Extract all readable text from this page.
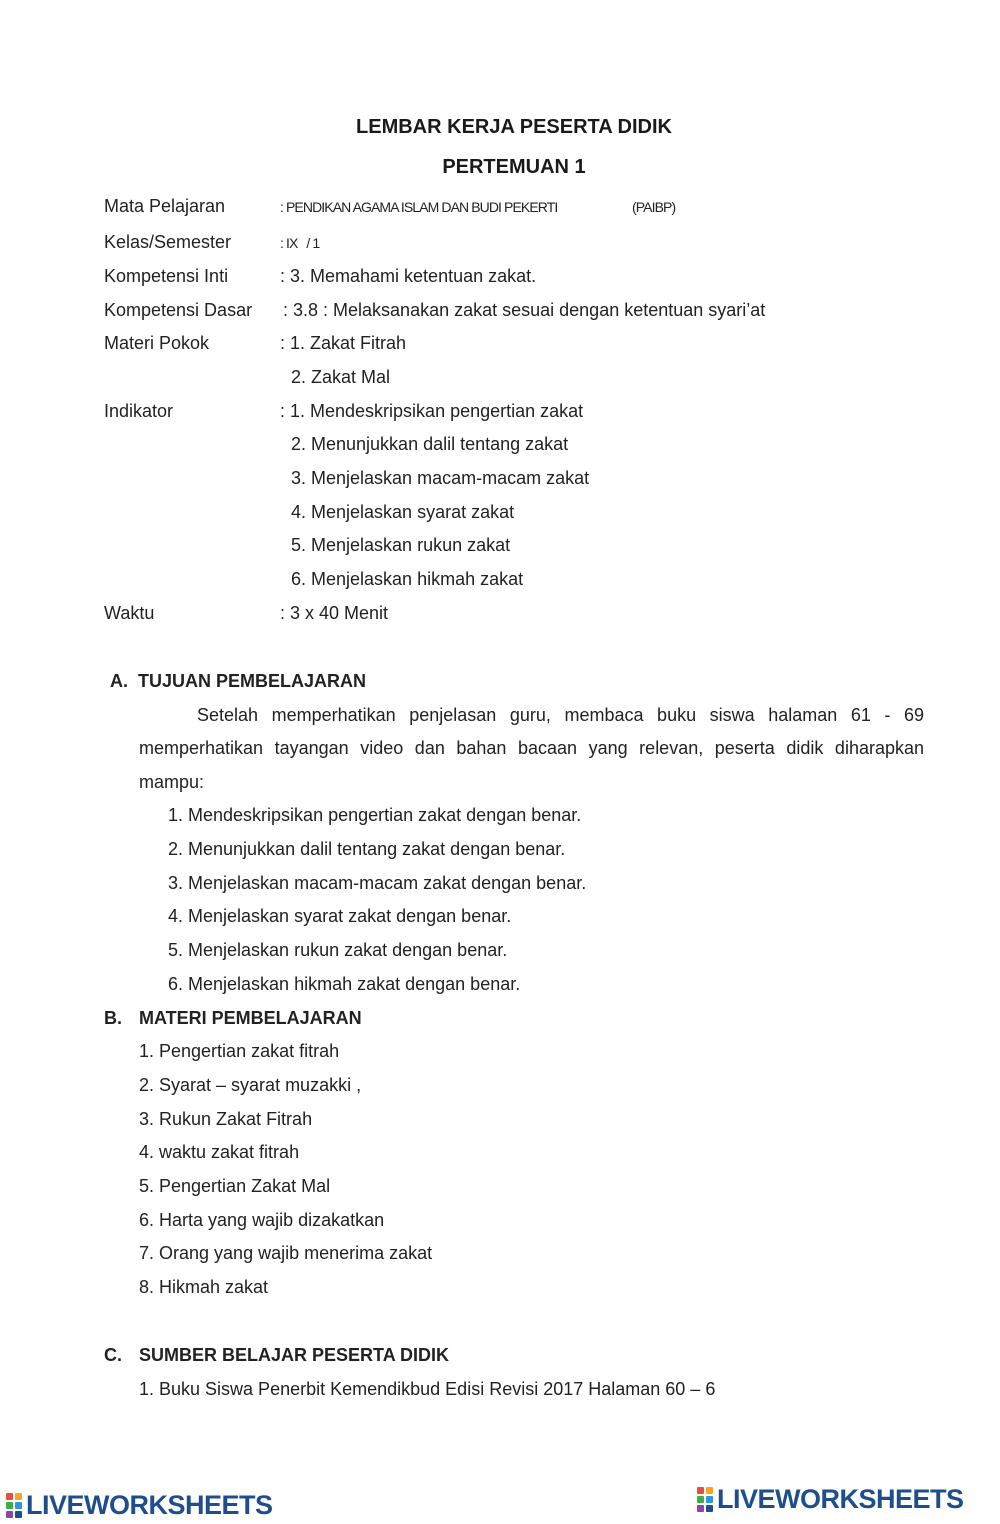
LEMBAR KERJA PESERTA DIDIK
PERTEMUAN 1
Mata Pelajaran	: PENDIKAN AGAMA ISLAM DAN BUDI PEKERTI	(PAIBP)
Kelas/Semester	: IX   / 1
Kompetensi Inti	: 3. Memahami ketentuan zakat.
Kompetensi Dasar : 3.8 : Melaksanakan zakat sesuai dengan ketentuan syari’at
Materi Pokok	: 1. Zakat Fitrah
2. Zakat Mal
Indikator	: 1. Mendeskripsikan pengertian zakat
2. Menunjukkan dalil tentang zakat
3. Menjelaskan macam-macam zakat
4. Menjelaskan syarat zakat
5. Menjelaskan rukun zakat
6. Menjelaskan hikmah zakat
Waktu	: 3 x 40 Menit
A.  TUJUAN PEMBELAJARAN
Setelah memperhatikan penjelasan guru, membaca buku siswa halaman 61 - 69
memperhatikan tayangan video dan bahan bacaan yang relevan, peserta didik diharapkan
mampu:
1. Mendeskripsikan pengertian zakat dengan benar.
2. Menunjukkan dalil tentang zakat dengan benar.
3. Menjelaskan macam-macam zakat dengan benar.
4. Menjelaskan syarat zakat dengan benar.
5. Menjelaskan rukun zakat dengan benar.
6. Menjelaskan hikmah zakat dengan benar.
B. MATERI PEMBELAJARAN
1. Pengertian zakat fitrah
2. Syarat – syarat muzakki ,
3. Rukun Zakat Fitrah
4. waktu zakat fitrah
5. Pengertian Zakat Mal
6. Harta yang wajib dizakatkan
7. Orang yang wajib menerima zakat
8. Hikmah zakat
C. SUMBER BELAJAR PESERTA DIDIK
1. Buku Siswa Penerbit Kemendikbud Edisi Revisi 2017 Halaman 60 – 6
LIVEWORKSHEETS	LIVEWORKSHEETS
